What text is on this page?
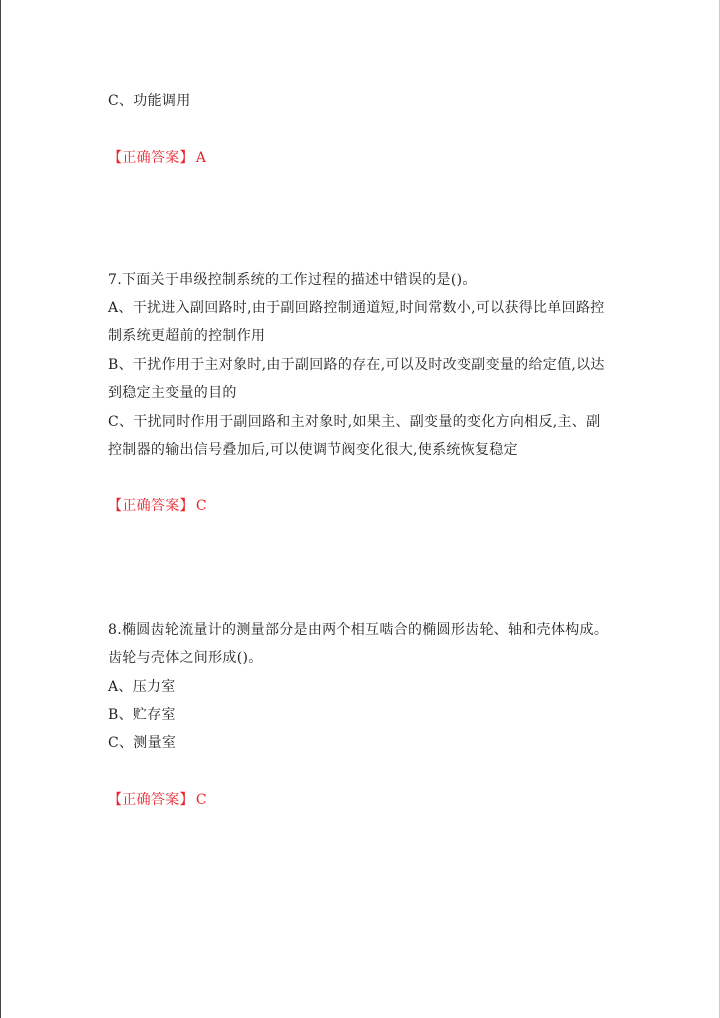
C、功能调用
【正确答案】 A
7.下面关于串级控制系统的工作过程的描述中错误的是()。
A、干扰进入副回路时,由于副回路控制通道短,时间常数小,可以获得比单回路控
制系统更超前的控制作用
B、干扰作用于主对象时,由于副回路的存在,可以及时改变副变量的给定值,以达
到稳定主变量的目的
C、干扰同时作用于副回路和主对象时,如果主、副变量的变化方向相反,主、副
控制器的输出信号叠加后,可以使调节阀变化很大,使系统恢复稳定
【正确答案】 C
8.椭圆齿轮流量计的测量部分是由两个相互啮合的椭圆形齿轮、轴和壳体构成。
齿轮与壳体之间形成()。
A、压力室
B、贮存室
C、测量室
【正确答案】 C
